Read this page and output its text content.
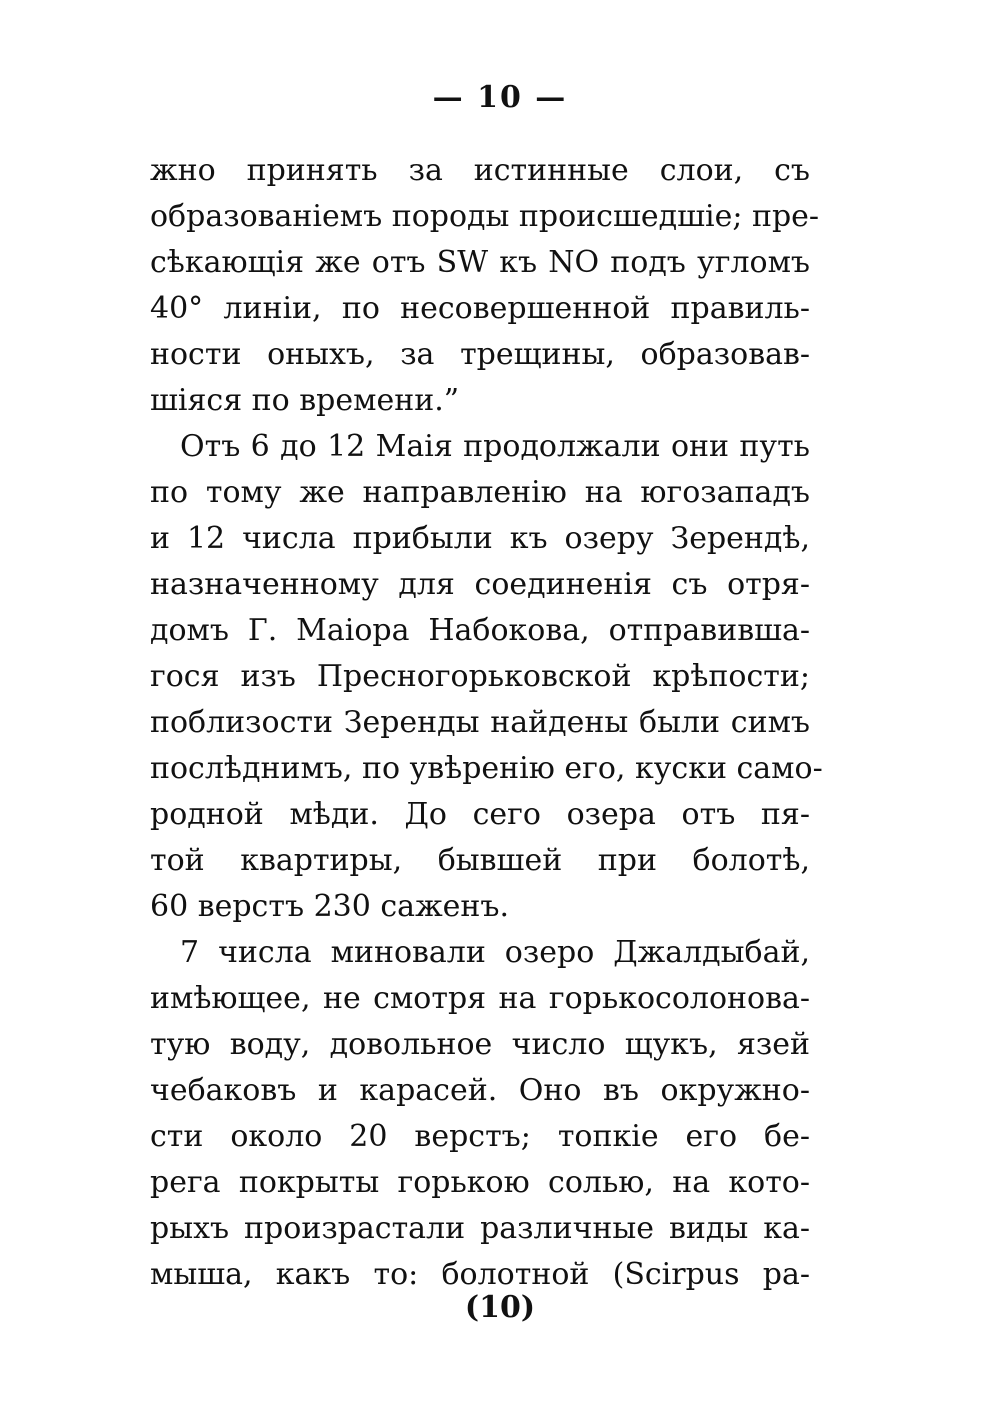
— 10 —

жно принять за истинные слои, съ
образованіемъ породы происшедшіе; пре-
сѣкающія же отъ SW къ NO подъ угломъ
40° линіи, по несовершенной правиль-
ности оныхъ, за трещины, образовав-
шіяся по времени.”

Отъ 6 до 12 Маія продолжали они путь
по тому же направленію на югозападъ
и 12 числа прибыли къ озеру Зерендѣ,
назначенному для соединенія съ отря-
домъ Г. Маіора Набокова, отправившa-
гося изъ Пресногорьковской крѣпости;
поблизости Зеренды найдены были симъ
послѣднимъ, по увѣренію его, куски само-
родной мѣди. До сего озера отъ пя-
той квартиры, бывшей при болотѣ,
60 верстъ 230 саженъ.

7 числа миновали озеро Джалдыбай,
имѣющее, не смотря на горькосолонова-
тую воду, довольное число щукъ, язей
чебаковъ и карасей. Оно въ окружно-
сти около 20 верстъ; топкіе его бе-
рега покрыты горькою солью, на кото-
рыхъ произрастали различные виды ка-
мыша, какъ то: болотной (Scirpus pa-

(10)
